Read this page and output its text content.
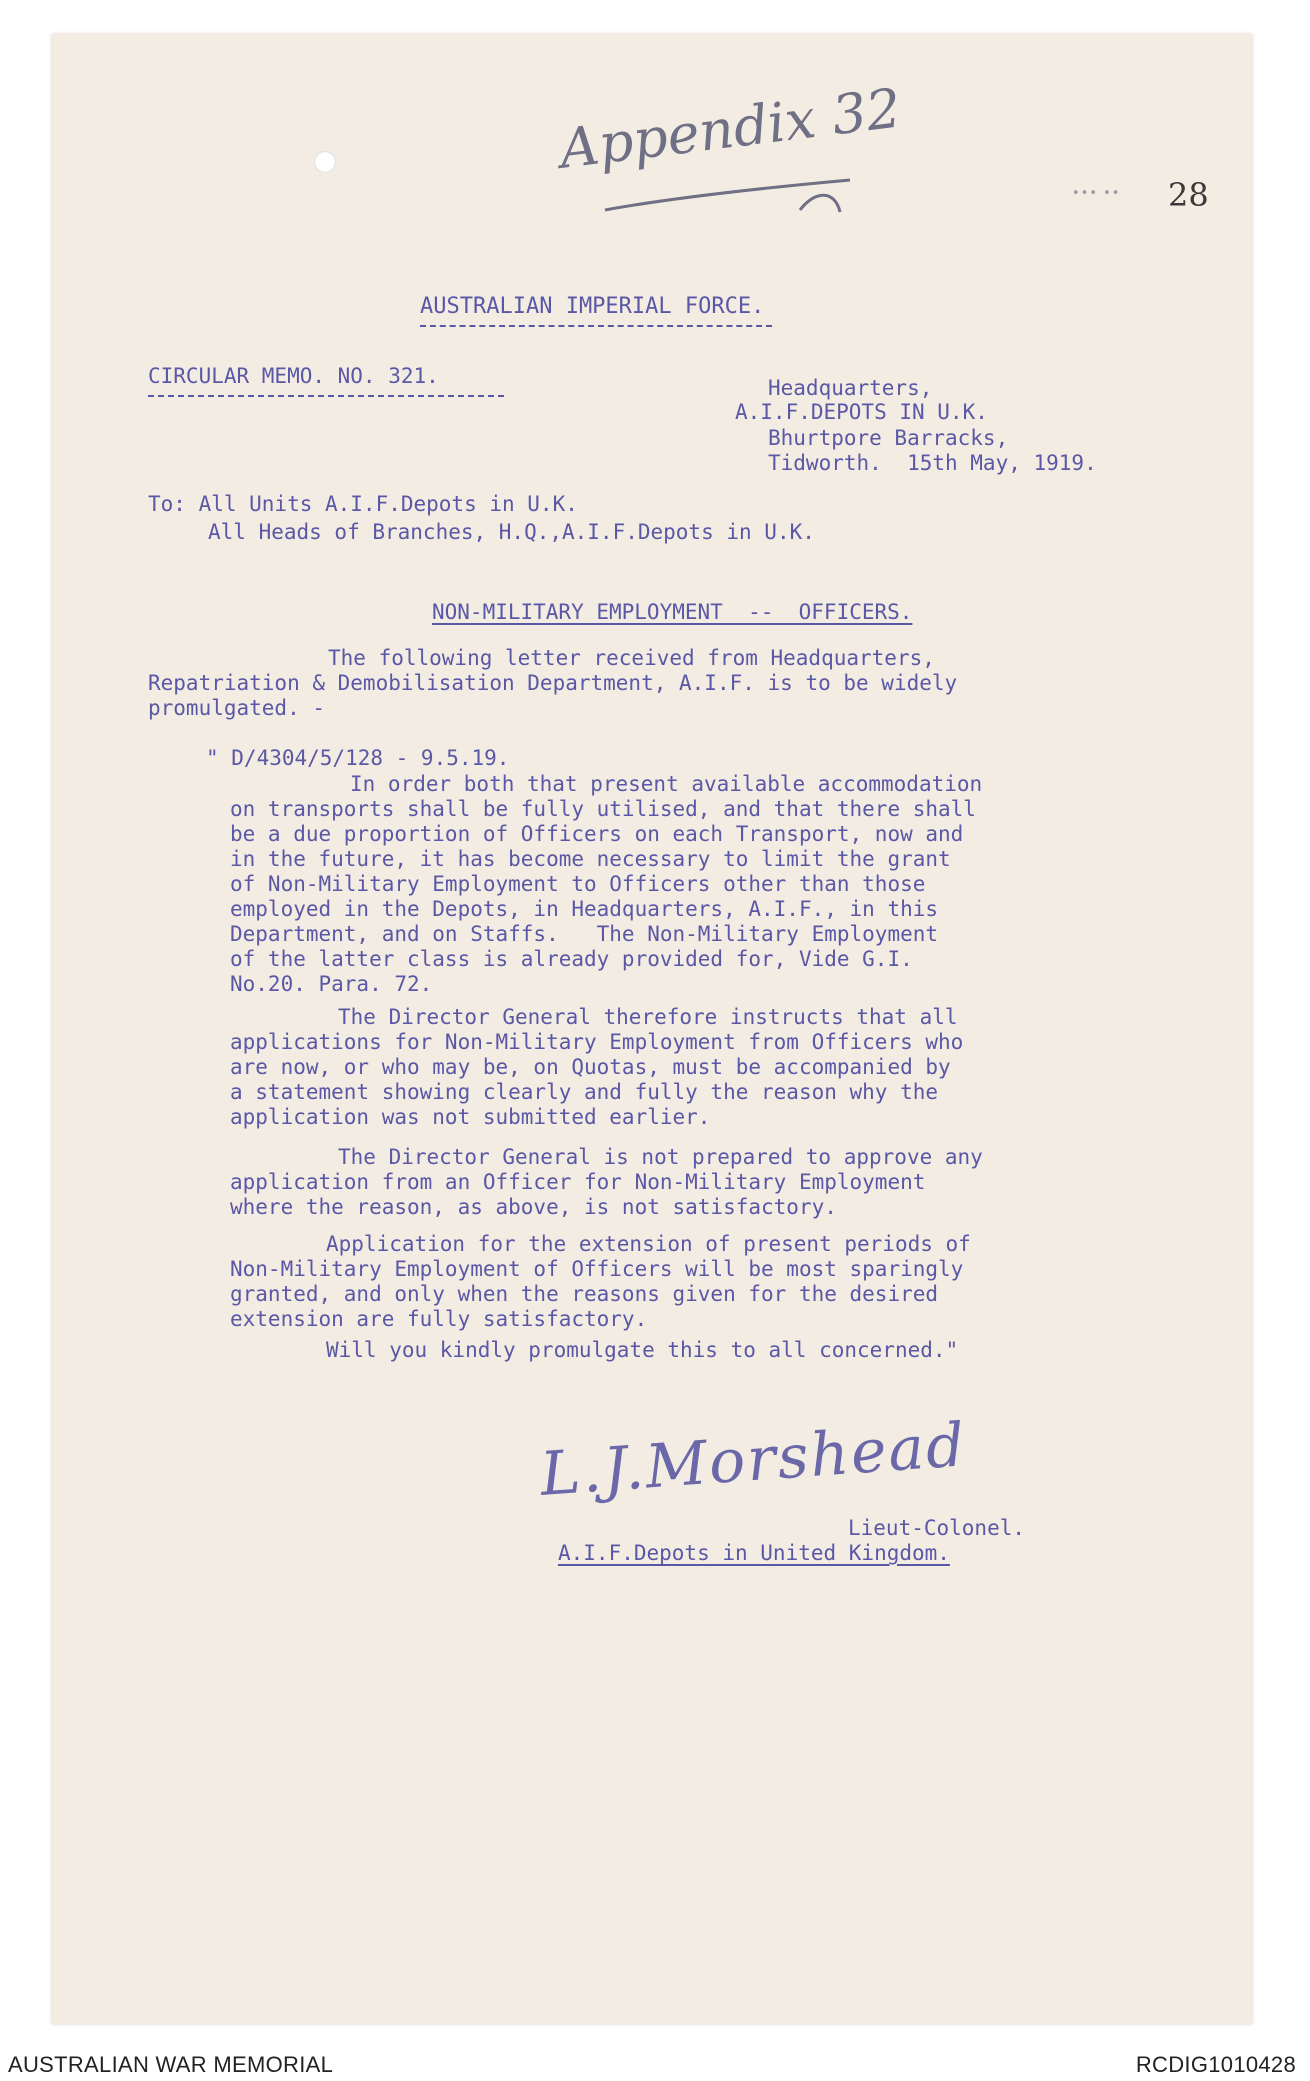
Appendix 32
••• •• 28
AUSTRALIAN IMPERIAL FORCE.
CIRCULAR MEMO. NO. 321.	Headquarters,
A.I.F.DEPOTS IN U.K.
Bhurtpore Barracks,
Tidworth.  15th May, 1919.
To: All Units A.I.F.Depots in U.K.
All Heads of Branches, H.Q.,A.I.F.Depots in U.K.
NON-MILITARY EMPLOYMENT  --  OFFICERS.
The following letter received from Headquarters,
Repatriation & Demobilisation Department, A.I.F. is to be widely
promulgated. -
" D/4304/5/128 - 9.5.19.
In order both that present available accommodation
on transports shall be fully utilised, and that there shall
be a due proportion of Officers on each Transport, now and
in the future, it has become necessary to limit the grant
of Non-Military Employment to Officers other than those
employed in the Depots, in Headquarters, A.I.F., in this
Department, and on Staffs.   The Non-Military Employment
of the latter class is already provided for, Vide G.I.
No.20. Para. 72.
The Director General therefore instructs that all
applications for Non-Military Employment from Officers who
are now, or who may be, on Quotas, must be accompanied by
a statement showing clearly and fully the reason why the
application was not submitted earlier.
The Director General is not prepared to approve any
application from an Officer for Non-Military Employment
where the reason, as above, is not satisfactory.
Application for the extension of present periods of
Non-Military Employment of Officers will be most sparingly
granted, and only when the reasons given for the desired
extension are fully satisfactory.
Will you kindly promulgate this to all concerned."
L.J.Morshead
Lieut-Colonel.
A.I.F.Depots in United Kingdom.
AUSTRALIAN WAR MEMORIAL	RCDIG1010428
